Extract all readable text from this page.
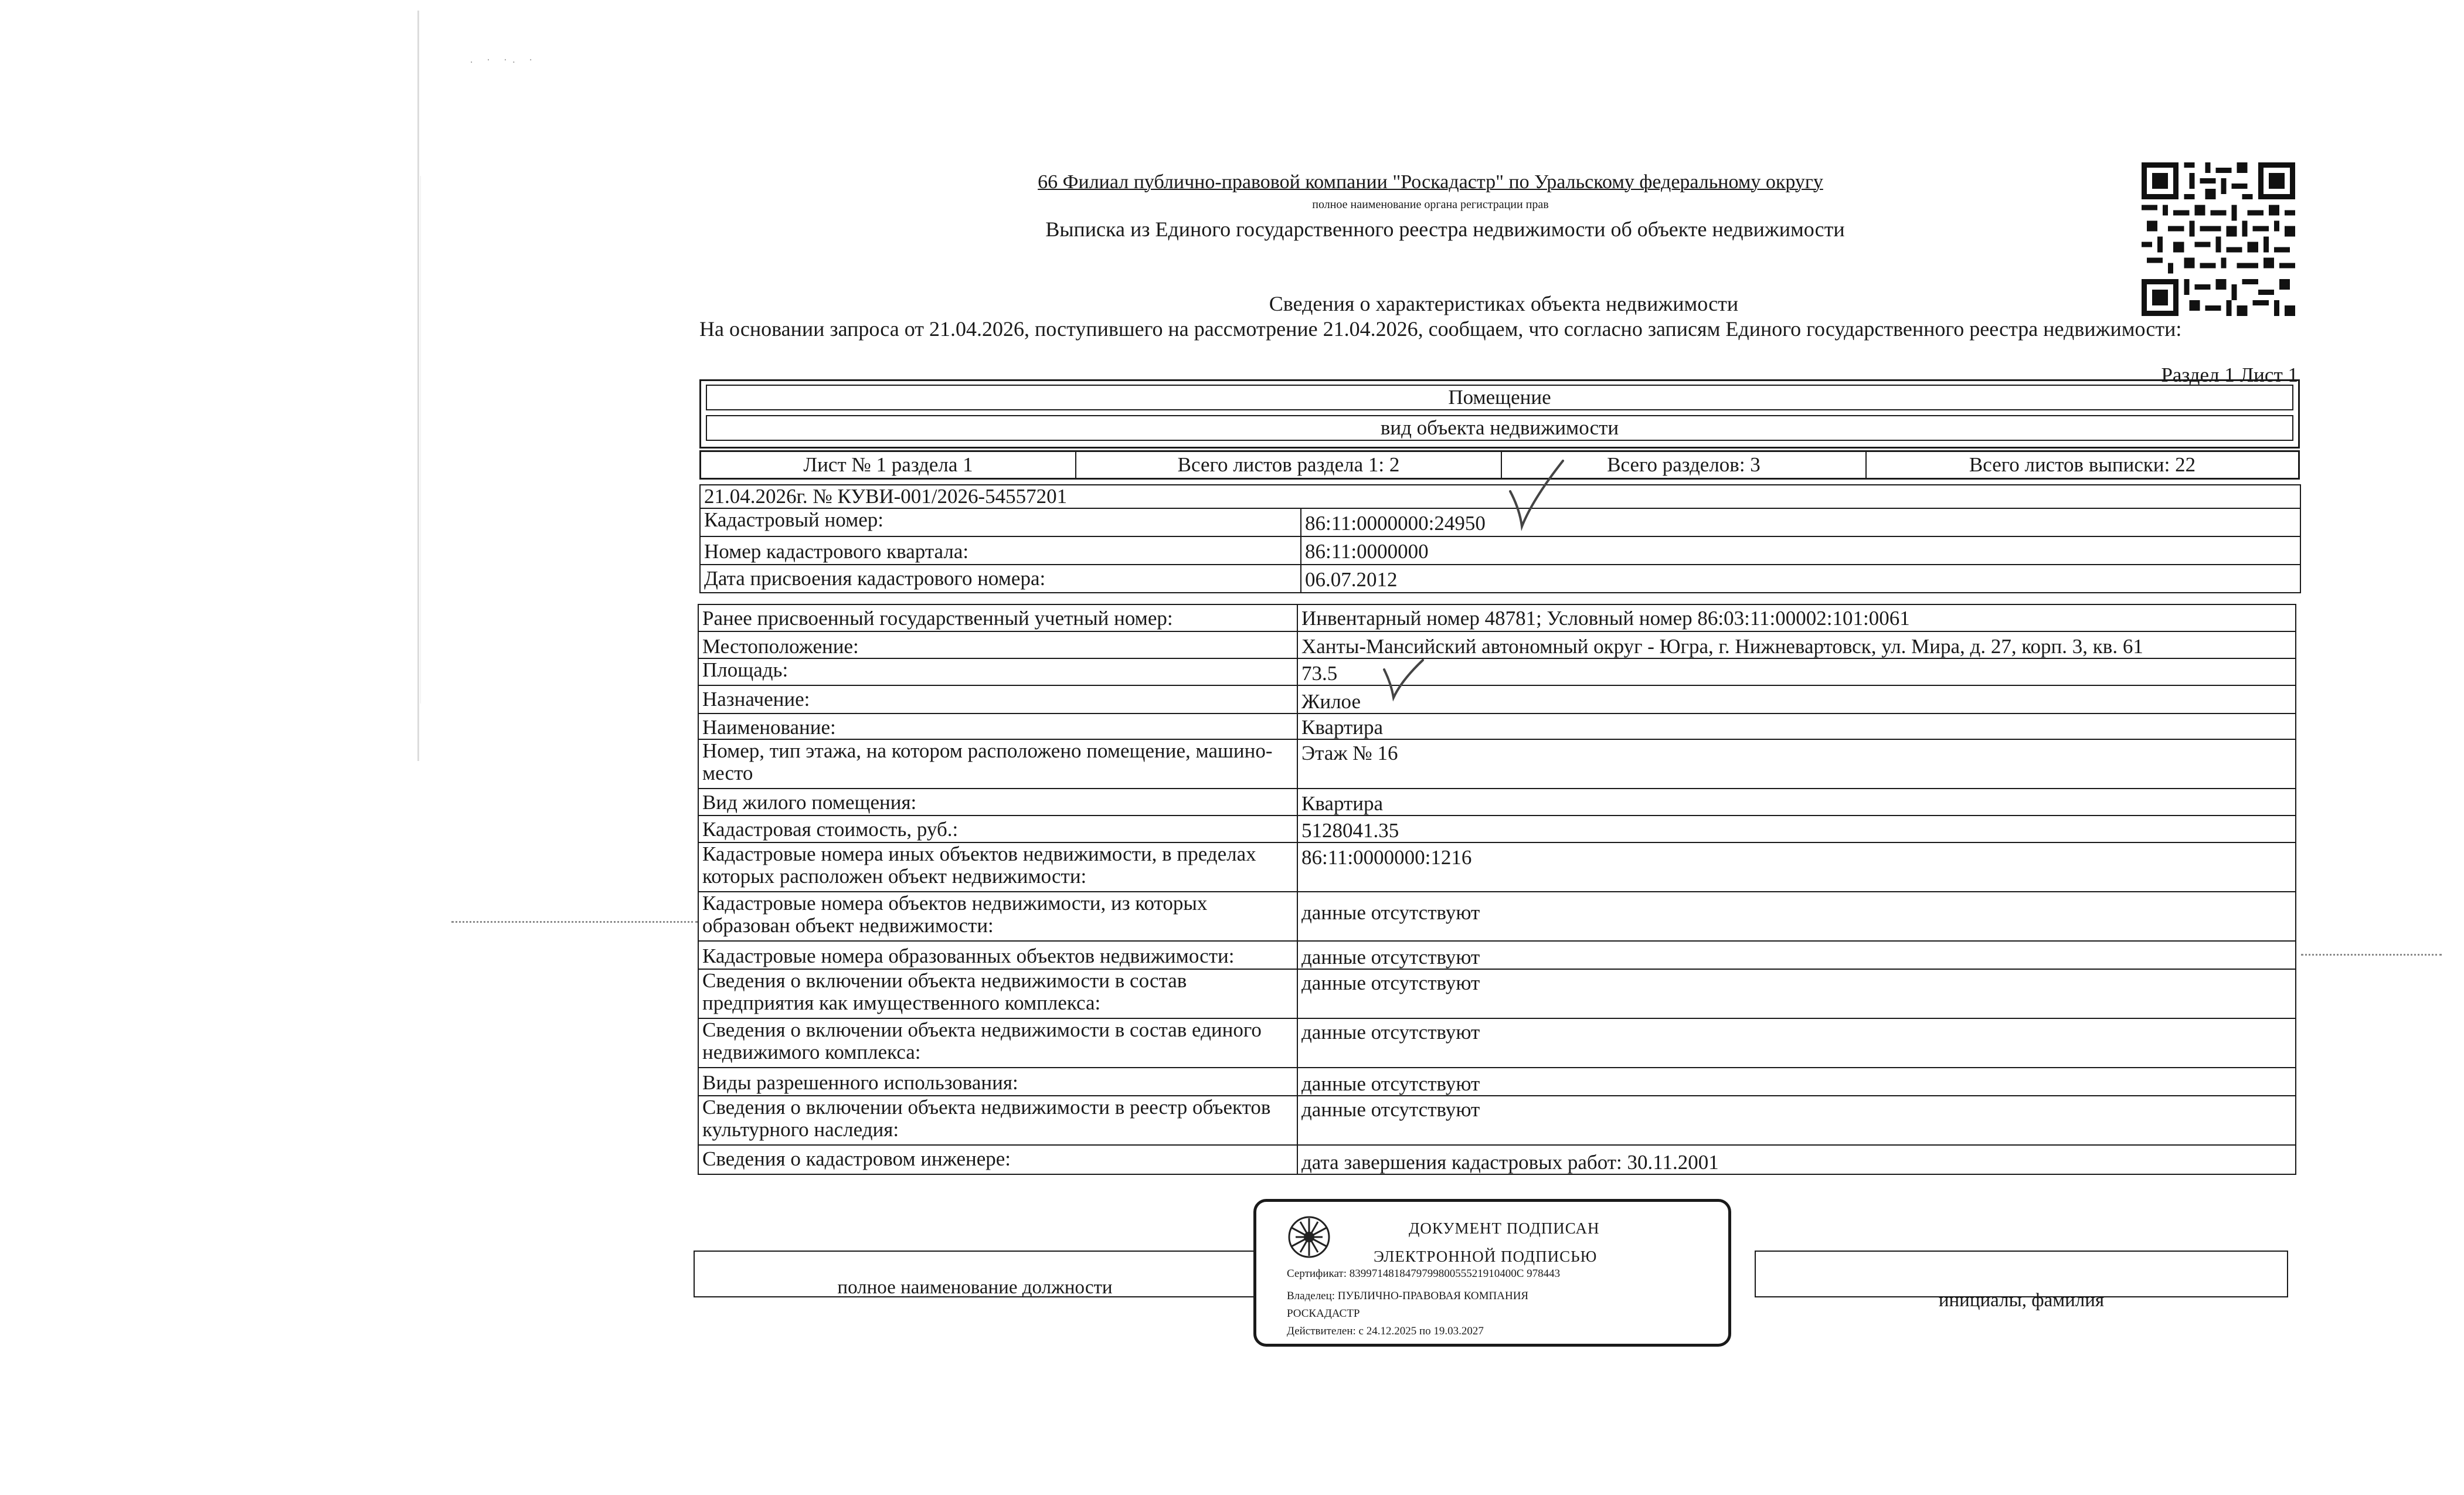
. · ·. ·
66 Филиал публично-правовой компании "Роскадастр" по Уральскому федеральному округу
полное наименование органа регистрации прав
Выписка из Единого государственного реестра недвижимости об объекте недвижимости
Сведения о характеристиках объекта недвижимости
На основании запроса от 21.04.2026, поступившего на рассмотрение 21.04.2026, сообщаем, что согласно записям Единого государственного реестра недвижимости:
Раздел 1 Лист 1
Помещение
вид объекта недвижимости
Лист № 1 раздела 1	Всего листов раздела 1: 2	Всего разделов: 3	Всего листов выписки: 22
21.04.2026г. № КУВИ-001/2026-54557201	
Кадастровый номер:	86:11:0000000:24950
Номер кадастрового квартала:	86:11:0000000
Дата присвоения кадастрового номера:	06.07.2012
Ранее присвоенный государственный учетный номер:	Инвентарный номер 48781; Условный номер 86:03:11:00002:101:0061
Местоположение:	Ханты-Мансийский автономный округ - Югра, г. Нижневартовск, ул. Мира, д. 27, корп. 3, кв. 61
Площадь:	73.5
Назначение:	Жилое
Наименование:	Квартира
Номер, тип этажа, на котором расположено помещение, машино-место	Этаж № 16
Вид жилого помещения:	Квартира
Кадастровая стоимость, руб.:	5128041.35
Кадастровые номера иных объектов недвижимости, в пределах которых расположен объект недвижимости:	86:11:0000000:1216
Кадастровые номера объектов недвижимости, из которых образован объект недвижимости:	данные отсутствуют
Кадастровые номера образованных объектов недвижимости:	данные отсутствуют
Сведения о включении объекта недвижимости в состав предприятия как имущественного комплекса:	данные отсутствуют
Сведения о включении объекта недвижимости в состав единого недвижимого комплекса:	данные отсутствуют
Виды разрешенного использования:	данные отсутствуют
Сведения о включении объекта недвижимости в реестр объектов культурного наследия:	данные отсутствуют
Сведения о кадастровом инженере:	дата завершения кадастровых работ: 30.11.2001
полное наименование должности
инициалы, фамилия
ДОКУМЕНТ ПОДПИСАН
ЭЛЕКТРОННОЙ ПОДПИСЬЮ
Сертификат: 839971481847979980055521910400С 978443
Владелец: ПУБЛИЧНО-ПРАВОВАЯ КОМПАНИЯ
РОСКАДАСТР
Действителен: с 24.12.2025 по 19.03.2027
